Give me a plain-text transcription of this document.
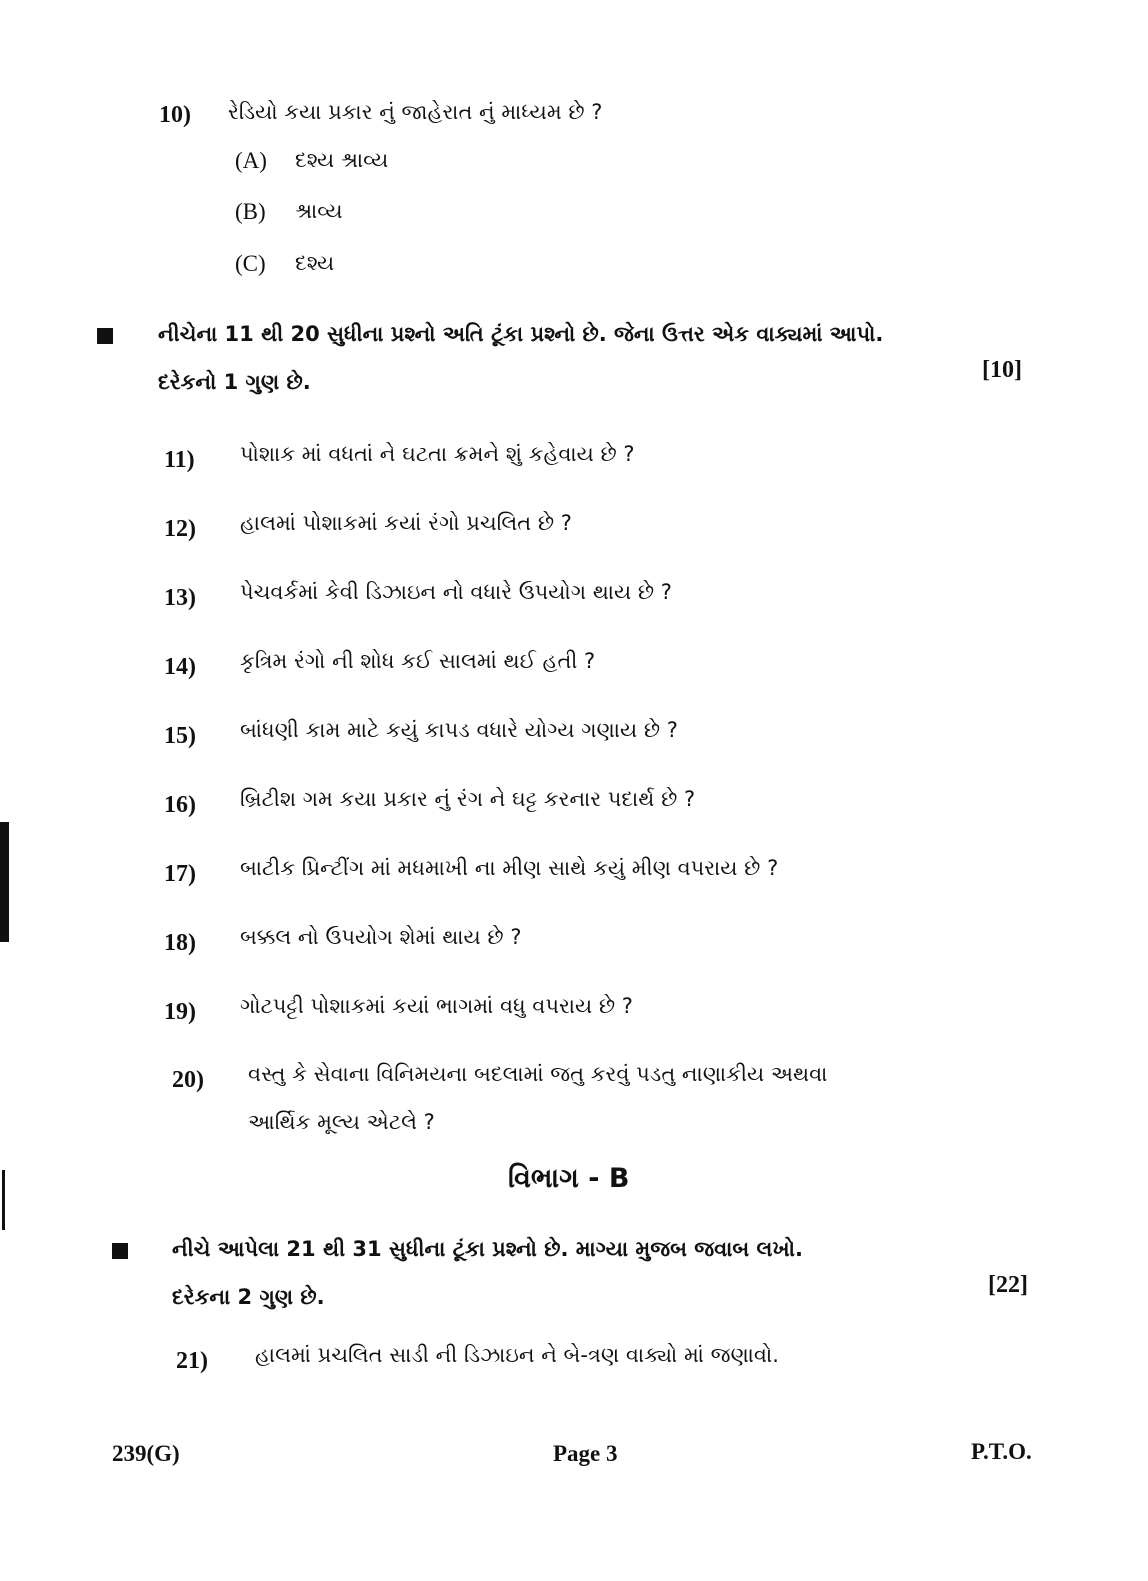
10) રેડિયો કયા પ્રકાર નું જાહેરાત નું માધ્યમ છે ?
(A) દશ્ય શ્રાવ્ય
(B) શ્રાવ્ય
(C) દશ્ય
નીચેના 11 થી 20 સુધીના પ્રશ્નો અતિ ટૂંકા પ્રશ્નો છે. જેના ઉત્તર એક વાક્યમાં આપો.
દરેકનો 1 ગુણ છે.	[10]
11) પોશાક માં વધતાં ને ઘટતા ક્રમને શું કહેવાય છે ?
12) હાલમાં પોશાકમાં કયાં રંગો પ્રચલિત છે ?
13) પેચવર્કમાં કેવી ડિઝાઇન નો વધારે ઉપયોગ થાય છે ?
14) કૃત્રિમ રંગો ની શોધ કઈ સાલમાં થઈ હતી ?
15) બાંધણી કામ માટે કયું કાપડ વધારે યોગ્ય ગણાય છે ?
16) બ્રિટીશ ગમ કયા પ્રકાર નું રંગ ને ઘટ્ટ કરનાર પદાર્થ છે ?
17) બાટીક પ્રિન્ટીંગ માં મધમાખી ના મીણ સાથે કયું મીણ વપરાય છે ?
18) બક્કલ નો ઉપયોગ શેમાં થાય છે ?
19) ગોટપટ્ટી પોશાકમાં કયાં ભાગમાં વધુ વપરાય છે ?
20) વસ્તુ કે સેવાના વિનિમયના બદલામાં જતુ કરવું પડતુ નાણાકીય અથવા
આર્થિક મૂલ્ય એટલે ?
વિભાગ - B
નીચે આપેલા 21 થી 31 સુધીના ટૂંકા પ્રશ્નો છે. માગ્યા મુજબ જવાબ લખો.
દરેકના 2 ગુણ છે.	[22]
21) હાલમાં પ્રચલિત સાડી ની ડિઝાઇન ને બે-ત્રણ વાક્યો માં જણાવો.
239(G)	Page 3	P.T.O.
